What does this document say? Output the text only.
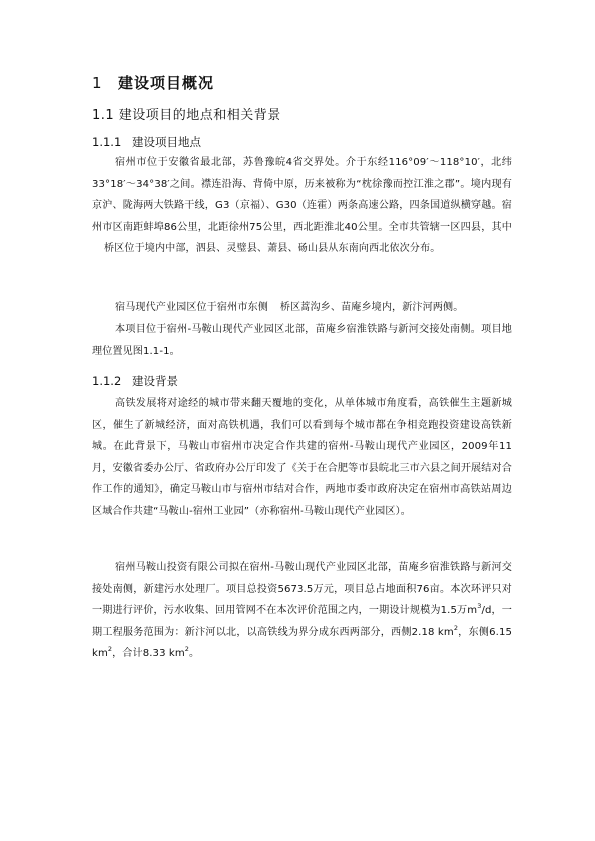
1 建设项目概况
1.1 建设项目的地点和相关背景
1.1.1 建设项目地点
宿州市位于安徽省最北部，苏鲁豫皖4省交界处。介于东经116°09′～118°10′，北纬33°18′～34°38′之间。襟连沿海、背倚中原，历来被称为“枕徐豫而控江淮之郡”。境内现有京沪、陇海两大铁路干线，G3（京福）、G30（连霍）两条高速公路，四条国道纵横穿越。宿州市区南距蚌埠86公里，北距徐州75公里，西北距淮北40公里。全市共管辖一区四县，其中桥区位于境内中部，泗县、灵璧县、萧县、砀山县从东南向西北依次分布。
宿马现代产业园区位于宿州市东侧 桥区蒿沟乡、苗庵乡境内，新汴河两侧。
本项目位于宿州-马鞍山现代产业园区北部，苗庵乡宿淮铁路与新河交接处南侧。项目地理位置见图1.1-1。
1.1.2 建设背景
高铁发展将对途经的城市带来翻天覆地的变化，从单体城市角度看，高铁催生主题新城区，催生了新城经济，面对高铁机遇，我们可以看到每个城市都在争相竞跑投资建设高铁新城。在此背景下，马鞍山市宿州市决定合作共建的宿州-马鞍山现代产业园区，2009年11月，安徽省委办公厅、省政府办公厅印发了《关于在合肥等市县皖北三市六县之间开展结对合作工作的通知》，确定马鞍山市与宿州市结对合作，两地市委市政府决定在宿州市高铁站周边区域合作共建“马鞍山-宿州工业园”（亦称宿州-马鞍山现代产业园区）。
宿州马鞍山投资有限公司拟在宿州-马鞍山现代产业园区北部，苗庵乡宿淮铁路与新河交接处南侧，新建污水处理厂。项目总投资5673.5万元，项目总占地面积76亩。本次环评只对一期进行评价，污水收集、回用管网不在本次评价范围之内，一期设计规模为1.5万$m^3/d$，一期工程服务范围为：新汴河以北，以高铁线为界分成东西两部分，西侧2.18 $km^2$，东侧6.15 $km^2$，合计8.33 $km^2$。
